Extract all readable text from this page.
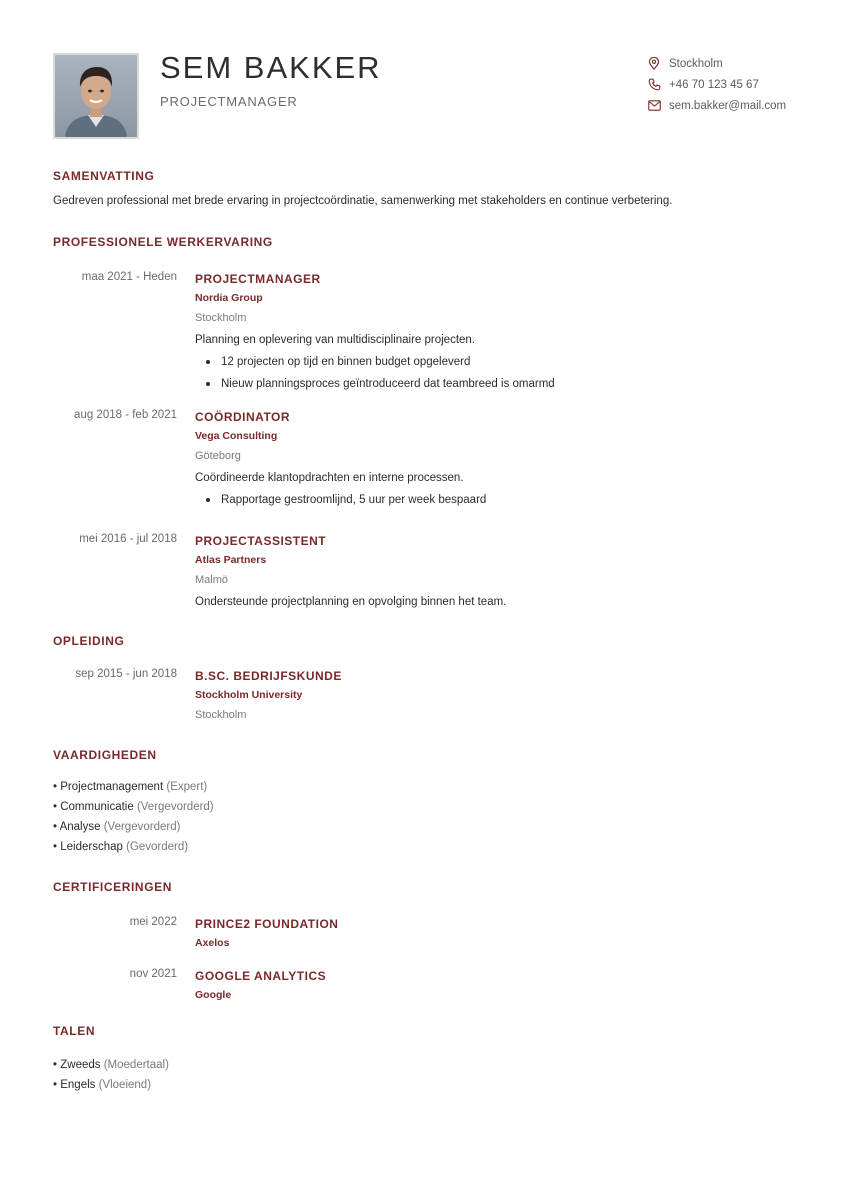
SEM BAKKER
PROJECTMANAGER
Stockholm
+46 70 123 45 67
sem.bakker@mail.com
SAMENVATTING
Gedreven professional met brede ervaring in projectcoördinatie, samenwerking met stakeholders en continue verbetering.
PROFESSIONELE WERKERVARING
maa 2021 - Heden PROJECTMANAGER
Nordia Group
Stockholm
Planning en oplevering van multidisciplinaire projecten.
12 projecten op tijd en binnen budget opgeleverd
Nieuw planningsproces geïntroduceerd dat teambreed is omarmd
aug 2018 - feb 2021 COÖRDINATOR
Vega Consulting
Göteborg
Coördineerde klantopdrachten en interne processen.
Rapportage gestroomlijnd, 5 uur per week bespaard
mei 2016 - jul 2018 PROJECTASSISTENT
Atlas Partners
Malmö
Ondersteunde projectplanning en opvolging binnen het team.
OPLEIDING
sep 2015 - jun 2018 B.SC. BEDRIJFSKUNDE
Stockholm University
Stockholm
VAARDIGHEDEN
• Projectmanagement (Expert)
• Communicatie (Vergevorderd)
• Analyse (Vergevorderd)
• Leiderschap (Gevorderd)
CERTIFICERINGEN
mei 2022 PRINCE2 FOUNDATION
Axelos
nov 2021 GOOGLE ANALYTICS
Google
TALEN
• Zweeds (Moedertaal)
• Engels (Vloeiend)
